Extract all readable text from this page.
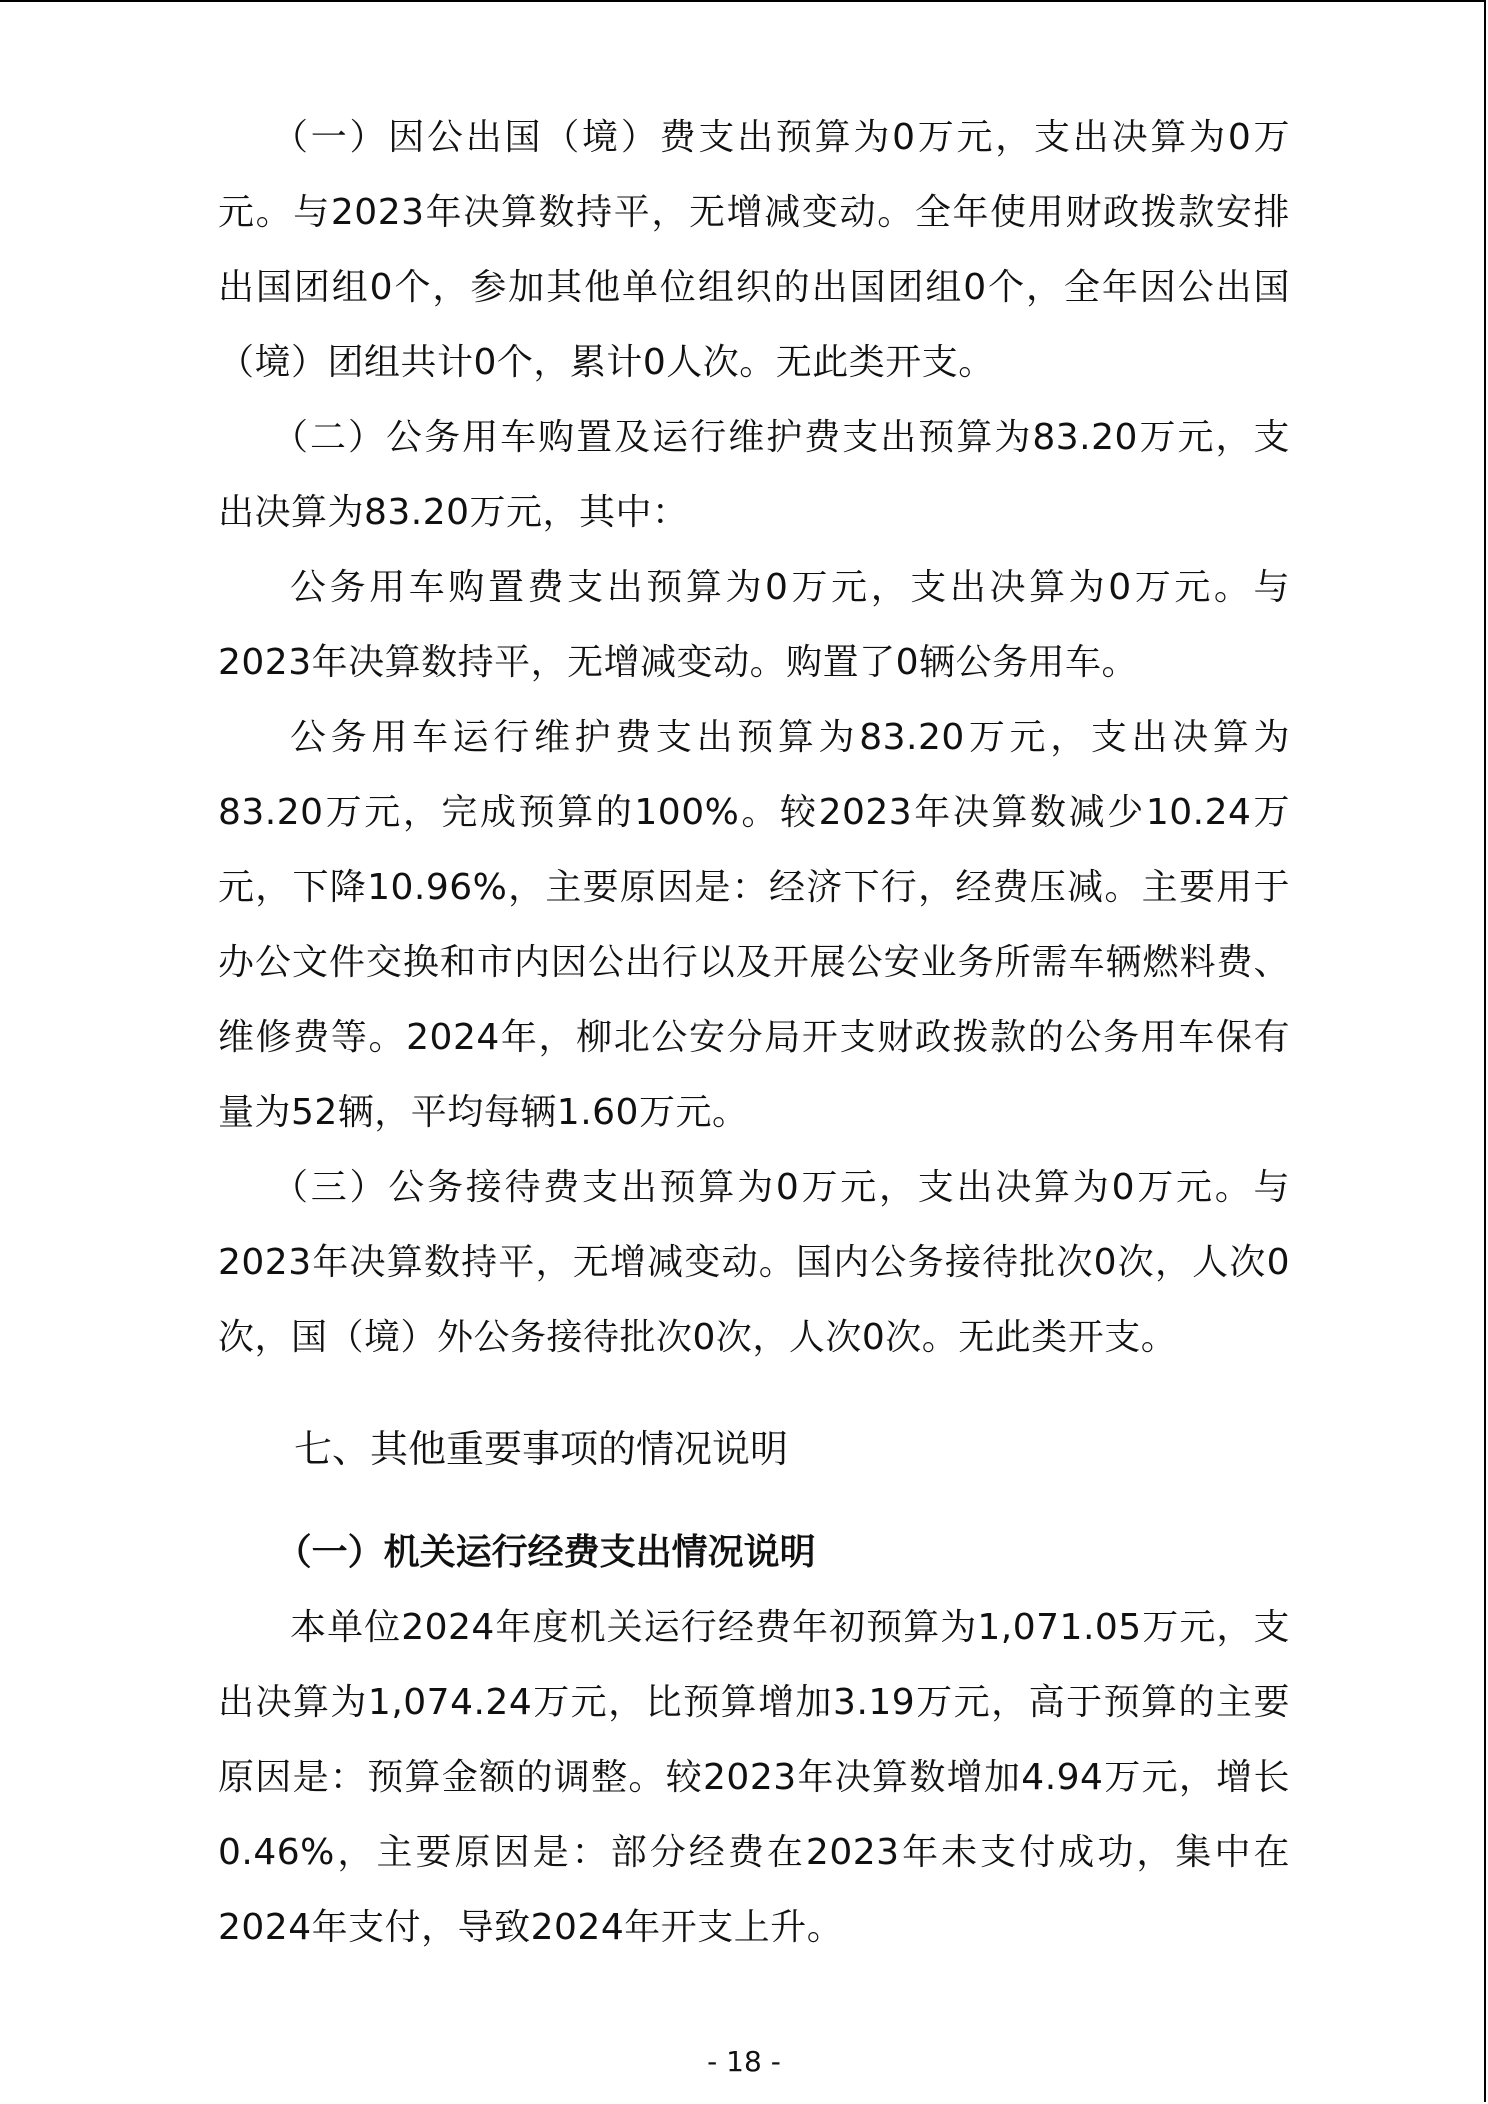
（一）因公出国（境）费支出预算为0万元，支出决算为0万元。与2023年决算数持平，无增减变动。全年使用财政拨款安排出国团组0个，参加其他单位组织的出国团组0个，全年因公出国（境）团组共计0个，累计0人次。无此类开支。

（二）公务用车购置及运行维护费支出预算为83.20万元，支出决算为83.20万元，其中：

公务用车购置费支出预算为0万元，支出决算为0万元。与2023年决算数持平，无增减变动。购置了0辆公务用车。

公务用车运行维护费支出预算为83.20万元，支出决算为83.20万元，完成预算的100%。较2023年决算数减少10.24万元，下降10.96%，主要原因是：经济下行，经费压减。主要用于办公文件交换和市内因公出行以及开展公安业务所需车辆燃料费、维修费等。2024年，柳北公安分局开支财政拨款的公务用车保有量为52辆，平均每辆1.60万元。

（三）公务接待费支出预算为0万元，支出决算为0万元。与2023年决算数持平，无增减变动。国内公务接待批次0次，人次0次，国（境）外公务接待批次0次，人次0次。无此类开支。

七、其他重要事项的情况说明
（一）机关运行经费支出情况说明

本单位2024年度机关运行经费年初预算为1,071.05万元，支出决算为1,074.24万元，比预算增加3.19万元，高于预算的主要原因是：预算金额的调整。较2023年决算数增加4.94万元，增长0.46%，主要原因是：部分经费在2023年未支付成功，集中在2024年支付，导致2024年开支上升。

- 18 -
